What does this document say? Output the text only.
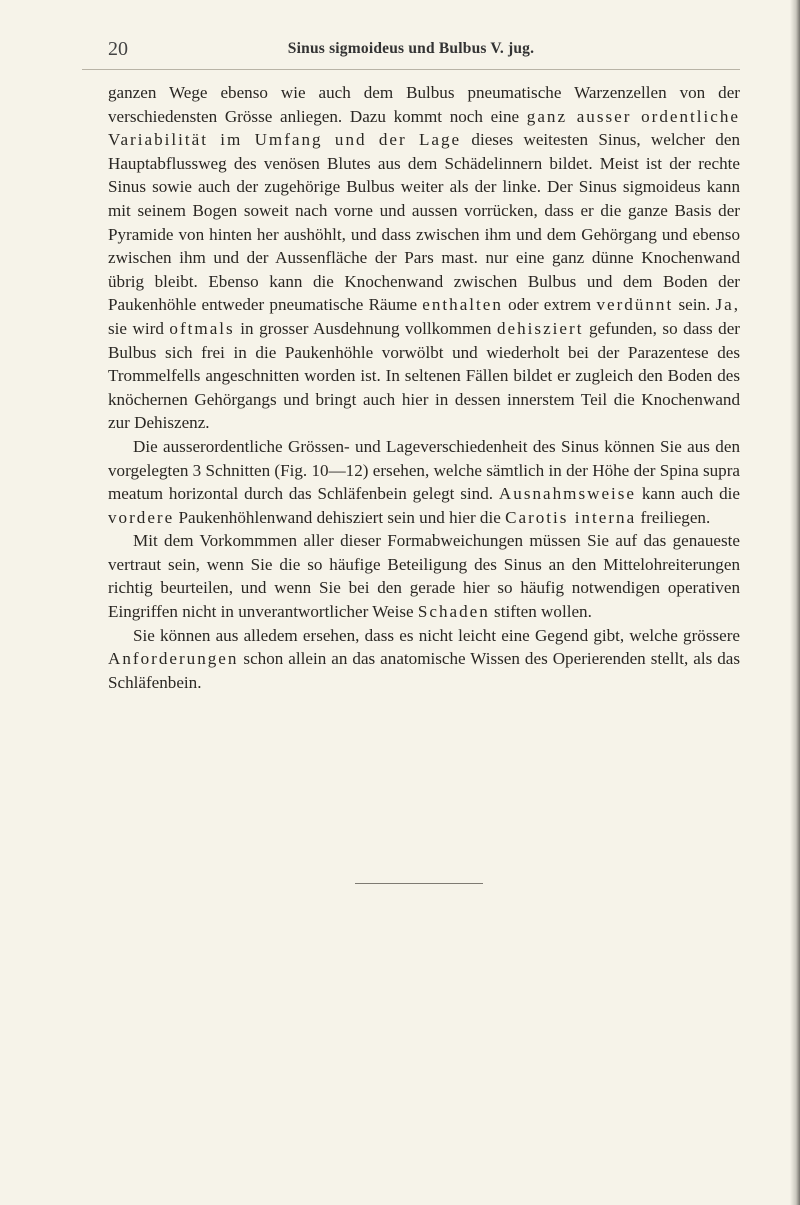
20	Sinus sigmoideus und Bulbus V. jug.

ganzen Wege ebenso wie auch dem Bulbus pneumatische Warzenzellen von der verschiedensten Grösse anliegen. Dazu kommt noch eine ganz ausser ordentliche Variabilität im Umfang und der Lage dieses weitesten Sinus, welcher den Hauptabflussweg des venösen Blutes aus dem Schädelinnern bildet. Meist ist der rechte Sinus sowie auch der zugehörige Bulbus weiter als der linke. Der Sinus sigmoideus kann mit seinem Bogen soweit nach vorne und aussen vorrücken, dass er die ganze Basis der Pyramide von hinten her aushöhlt, und dass zwischen ihm und dem Gehörgang und ebenso zwischen ihm und der Aussenfläche der Pars mast. nur eine ganz dünne Knochenwand übrig bleibt. Ebenso kann die Knochenwand zwischen Bulbus und dem Boden der Paukenhöhle entweder pneumatische Räume enthalten oder extrem verdünnt sein. Ja, sie wird oftmals in grosser Ausdehnung vollkommen dehisziert gefunden, so dass der Bulbus sich frei in die Paukenhöhle vorwölbt und wiederholt bei der Parazentese des Trommelfells angeschnitten worden ist. In seltenen Fällen bildet er zugleich den Boden des knöchernen Gehörgangs und bringt auch hier in dessen innerstem Teil die Knochenwand zur Dehiszenz.

Die ausserordentliche Grössen- und Lageverschiedenheit des Sinus können Sie aus den vorgelegten 3 Schnitten (Fig. 10—12) ersehen, welche sämtlich in der Höhe der Spina supra meatum horizontal durch das Schläfenbein gelegt sind. Ausnahmsweise kann auch die vordere Paukenhöhlenwand dehisziert sein und hier die Carotis interna freiliegen.

Mit dem Vorkommmen aller dieser Formabweichungen müssen Sie auf das genaueste vertraut sein, wenn Sie die so häufige Beteiligung des Sinus an den Mittelohreiterungen richtig beurteilen, und wenn Sie bei den gerade hier so häufig notwendigen operativen Eingriffen nicht in unverantwortlicher Weise Schaden stiften wollen.

Sie können aus alledem ersehen, dass es nicht leicht eine Gegend gibt, welche grössere Anforderungen schon allein an das anatomische Wissen des Operierenden stellt, als das Schläfenbein.
